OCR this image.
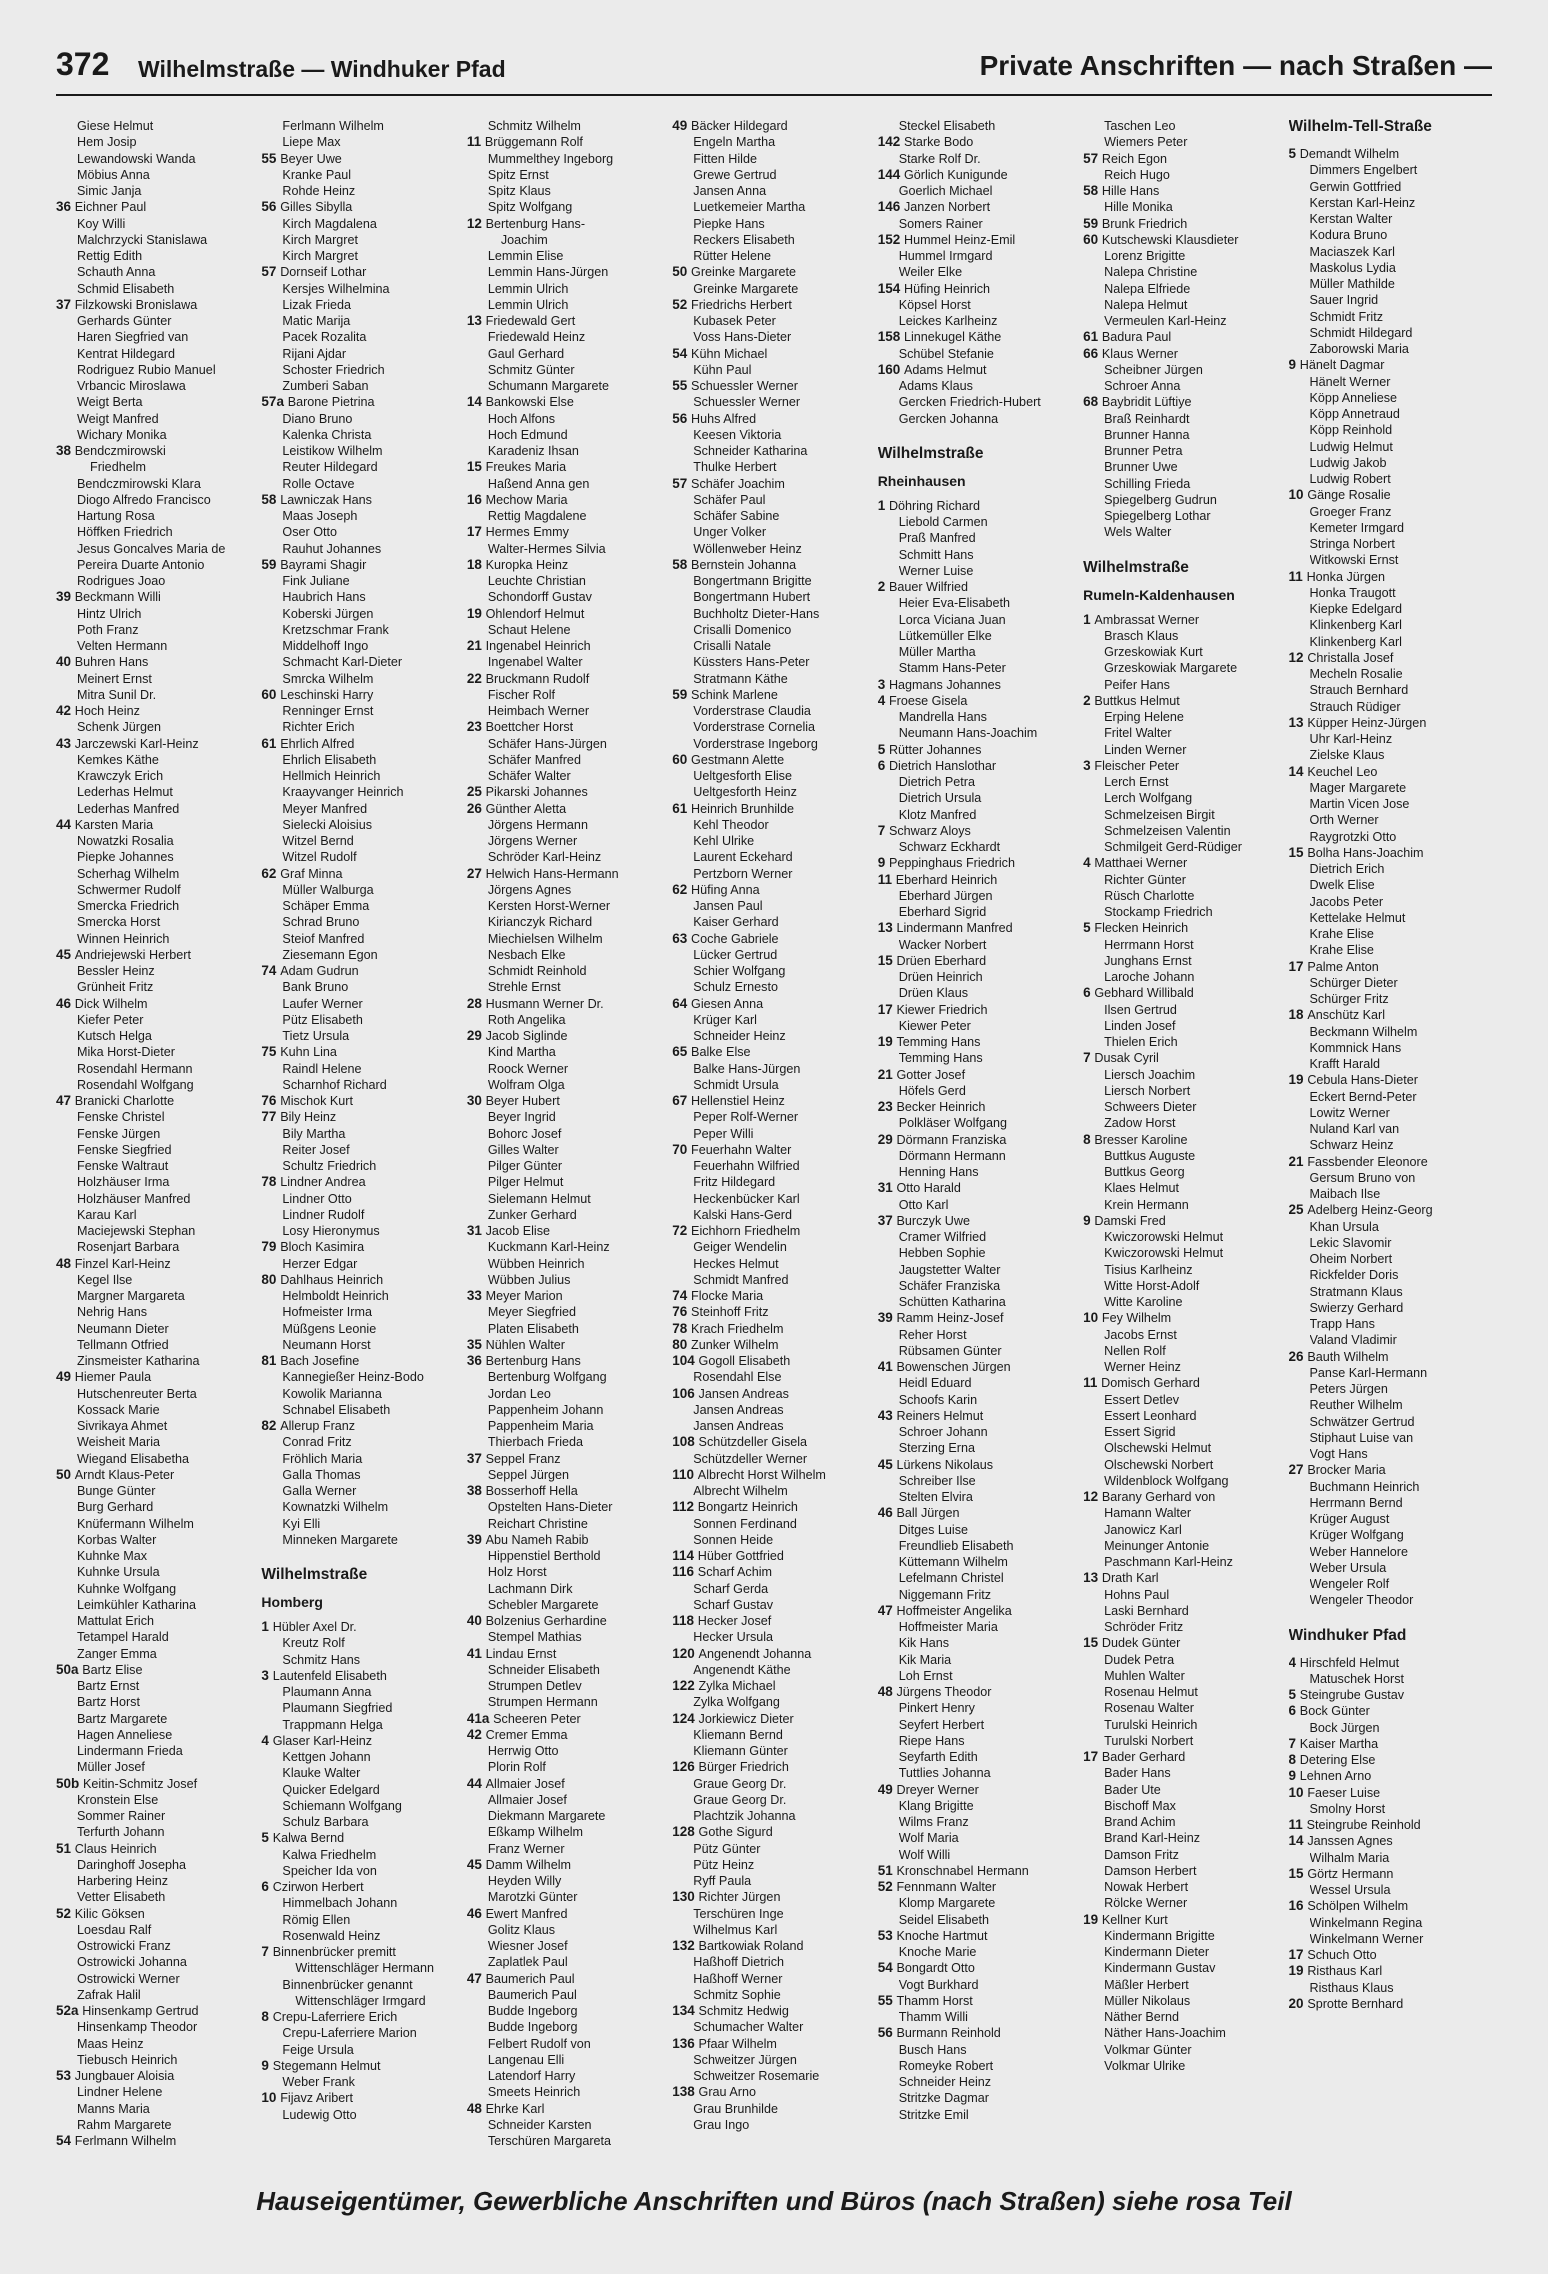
372 Wilhelmstraße — Windhuker Pfad	Private Anschriften — nach Straßen —
Giese Helmut
Hem Josip
Lewandowski Wanda
Möbius Anna
Simic Janja
36 Eichner Paul
Koy Willi
Malchrzycki Stanislawa
Rettig Edith
Schauth Anna
Schmid Elisabeth
37 Filzkowski Bronislawa
Gerhards Günter
Haren Siegfried van
Kentrat Hildegard
Rodriguez Rubio Manuel
Vrbancic Miroslawa
Weigt Berta
Weigt Manfred
Wichary Monika
38 Bendczmirowski
Friedhelm
Bendczmirowski Klara
Diogo Alfredo Francisco
Hartung Rosa
Höffken Friedrich
Jesus Goncalves Maria de
Pereira Duarte Antonio
Rodrigues Joao
39 Beckmann Willi
Hintz Ulrich
Poth Franz
Velten Hermann
40 Buhren Hans
Meinert Ernst
Mitra Sunil Dr.
42 Hoch Heinz
Schenk Jürgen
43 Jarczewski Karl-Heinz
Kemkes Käthe
Krawczyk Erich
Lederhas Helmut
Lederhas Manfred
44 Karsten Maria
Nowatzki Rosalia
Piepke Johannes
Scherhag Wilhelm
Schwermer Rudolf
Smercka Friedrich
Smercka Horst
Winnen Heinrich
45 Andriejewski Herbert
Bessler Heinz
Grünheit Fritz
46 Dick Wilhelm
Kiefer Peter
Kutsch Helga
Mika Horst-Dieter
Rosendahl Hermann
Rosendahl Wolfgang
47 Branicki Charlotte
Fenske Christel
Fenske Jürgen
Fenske Siegfried
Fenske Waltraut
Holzhäuser Irma
Holzhäuser Manfred
Karau Karl
Maciejewski Stephan
Rosenjart Barbara
48 Finzel Karl-Heinz
Kegel Ilse
Margner Margareta
Nehrig Hans
Neumann Dieter
Tellmann Otfried
Zinsmeister Katharina
49 Hiemer Paula
Hutschenreuter Berta
Kossack Marie
Sivrikaya Ahmet
Weisheit Maria
Wiegand Elisabetha
50 Arndt Klaus-Peter
Bunge Günter
Burg Gerhard
Knüfermann Wilhelm
Korbas Walter
Kuhnke Max
Kuhnke Ursula
Kuhnke Wolfgang
Leimkühler Katharina
Mattulat Erich
Tetampel Harald
Zanger Emma
50a Bartz Elise
Bartz Ernst
Bartz Horst
Bartz Margarete
Hagen Anneliese
Lindermann Frieda
Müller Josef
50b Keitin-Schmitz Josef
Kronstein Else
Sommer Rainer
Terfurth Johann
51 Claus Heinrich
Daringhoff Josepha
Harbering Heinz
Vetter Elisabeth
52 Kilic Göksen
Loesdau Ralf
Ostrowicki Franz
Ostrowicki Johanna
Ostrowicki Werner
Zafrak Halil
52a Hinsenkamp Gertrud
Hinsenkamp Theodor
Maas Heinz
Tiebusch Heinrich
53 Jungbauer Aloisia
Lindner Helene
Manns Maria
Rahm Margarete
54 Ferlmann Wilhelm
Ferlmann Wilhelm
Liepe Max
55 Beyer Uwe
Kranke Paul
Rohde Heinz
56 Gilles Sibylla
Kirch Magdalena
Kirch Margret
Kirch Margret
57 Dornseif Lothar
Kersjes Wilhelmina
Lizak Frieda
Matic Marija
Pacek Rozalita
Rijani Ajdar
Schoster Friedrich
Zumberi Saban
57a Barone Pietrina
Diano Bruno
Kalenka Christa
Leistikow Wilhelm
Reuter Hildegard
Rolle Octave
58 Lawniczak Hans
Maas Joseph
Oser Otto
Rauhut Johannes
59 Bayrami Shagir
Fink Juliane
Haubrich Hans
Koberski Jürgen
Kretzschmar Frank
Middelhoff Ingo
Schmacht Karl-Dieter
Smrcka Wilhelm
60 Leschinski Harry
Renninger Ernst
Richter Erich
61 Ehrlich Alfred
Ehrlich Elisabeth
Hellmich Heinrich
Kraayvanger Heinrich
Meyer Manfred
Sielecki Aloisius
Witzel Bernd
Witzel Rudolf
62 Graf Minna
Müller Walburga
Schäper Emma
Schrad Bruno
Steiof Manfred
Ziesemann Egon
74 Adam Gudrun
Bank Bruno
Laufer Werner
Pütz Elisabeth
Tietz Ursula
75 Kuhn Lina
Raindl Helene
Scharnhof Richard
76 Mischok Kurt
77 Bily Heinz
Bily Martha
Reiter Josef
Schultz Friedrich
78 Lindner Andrea
Lindner Otto
Lindner Rudolf
Losy Hieronymus
79 Bloch Kasimira
Herzer Edgar
80 Dahlhaus Heinrich
Helmboldt Heinrich
Hofmeister Irma
Müßgens Leonie
Neumann Horst
81 Bach Josefine
Kannegießer Heinz-Bodo
Kowolik Marianna
Schnabel Elisabeth
82 Allerup Franz
Conrad Fritz
Fröhlich Maria
Galla Thomas
Galla Werner
Kownatzki Wilhelm
Kyi Elli
Minneken Margarete
Wilhelmstraße
Homberg
1 Hübler Axel Dr.
Kreutz Rolf
Schmitz Hans
3 Lautenfeld Elisabeth
Plaumann Anna
Plaumann Siegfried
Trappmann Helga
4 Glaser Karl-Heinz
Kettgen Johann
Klauke Walter
Quicker Edelgard
Schiemann Wolfgang
Schulz Barbara
5 Kalwa Bernd
Kalwa Friedhelm
Speicher Ida von
6 Czirwon Herbert
Himmelbach Johann
Römig Ellen
Rosenwald Heinz
7 Binnenbrücker premitt
Wittenschläger Hermann
Binnenbrücker genannt
Wittenschläger Irmgard
8 Crepu-Laferriere Erich
Crepu-Laferriere Marion
Feige Ursula
9 Stegemann Helmut
Weber Frank
10 Fijavz Aribert
Ludewig Otto
Schmitz Wilhelm
11 Brüggemann Rolf
Mummelthey Ingeborg
Spitz Ernst
Spitz Klaus
Spitz Wolfgang
12 Bertenburg Hans-
Joachim
Lemmin Elise
Lemmin Hans-Jürgen
Lemmin Ulrich
Lemmin Ulrich
13 Friedewald Gert
Friedewald Heinz
Gaul Gerhard
Schmitz Günter
Schumann Margarete
14 Bankowski Else
Hoch Alfons
Hoch Edmund
Karadeniz Ihsan
15 Freukes Maria
Haßend Anna gen
16 Mechow Maria
Rettig Magdalene
17 Hermes Emmy
Walter-Hermes Silvia
18 Kuropka Heinz
Leuchte Christian
Schondorff Gustav
19 Ohlendorf Helmut
Schaut Helene
21 Ingenabel Heinrich
Ingenabel Walter
22 Bruckmann Rudolf
Fischer Rolf
Heimbach Werner
23 Boettcher Horst
Schäfer Hans-Jürgen
Schäfer Manfred
Schäfer Walter
25 Pikarski Johannes
26 Günther Aletta
Jörgens Hermann
Jörgens Werner
Schröder Karl-Heinz
27 Helwich Hans-Hermann
Jörgens Agnes
Kersten Horst-Werner
Kirianczyk Richard
Miechielsen Wilhelm
Nesbach Elke
Schmidt Reinhold
Strehle Ernst
28 Husmann Werner Dr.
Roth Angelika
29 Jacob Siglinde
Kind Martha
Roock Werner
Wolfram Olga
30 Beyer Hubert
Beyer Ingrid
Bohorc Josef
Gilles Walter
Pilger Günter
Pilger Helmut
Sielemann Helmut
Zunker Gerhard
31 Jacob Elise
Kuckmann Karl-Heinz
Wübben Heinrich
Wübben Julius
33 Meyer Marion
Meyer Siegfried
Platen Elisabeth
35 Nühlen Walter
36 Bertenburg Hans
Bertenburg Wolfgang
Jordan Leo
Pappenheim Johann
Pappenheim Maria
Thierbach Frieda
37 Seppel Franz
Seppel Jürgen
38 Bosserhoff Hella
Opstelten Hans-Dieter
Reichart Christine
39 Abu Nameh Rabib
Hippenstiel Berthold
Holz Horst
Lachmann Dirk
Schebler Margarete
40 Bolzenius Gerhardine
Stempel Mathias
41 Lindau Ernst
Schneider Elisabeth
Strumpen Detlev
Strumpen Hermann
41a Scheeren Peter
42 Cremer Emma
Herrwig Otto
Plorin Rolf
44 Allmaier Josef
Allmaier Josef
Diekmann Margarete
Eßkamp Wilhelm
Franz Werner
45 Damm Wilhelm
Heyden Willy
Marotzki Günter
46 Ewert Manfred
Golitz Klaus
Wiesner Josef
Zaplatlek Paul
47 Baumerich Paul
Baumerich Paul
Budde Ingeborg
Budde Ingeborg
Felbert Rudolf von
Langenau Elli
Latendorf Harry
Smeets Heinrich
48 Ehrke Karl
Schneider Karsten
Terschüren Margareta
49 Bäcker Hildegard
Engeln Martha
Fitten Hilde
Grewe Gertrud
Jansen Anna
Luetkemeier Martha
Piepke Hans
Reckers Elisabeth
Rütter Helene
50 Greinke Margarete
Greinke Margarete
52 Friedrichs Herbert
Kubasek Peter
Voss Hans-Dieter
54 Kühn Michael
Kühn Paul
55 Schuessler Werner
Schuessler Werner
56 Huhs Alfred
Keesen Viktoria
Schneider Katharina
Thulke Herbert
57 Schäfer Joachim
Schäfer Paul
Schäfer Sabine
Unger Volker
Wöllenweber Heinz
58 Bernstein Johanna
Bongertmann Brigitte
Bongertmann Hubert
Buchholtz Dieter-Hans
Crisalli Domenico
Crisalli Natale
Küssters Hans-Peter
Stratmann Käthe
59 Schink Marlene
Vorderstrase Claudia
Vorderstrase Cornelia
Vorderstrase Ingeborg
60 Gestmann Alette
Ueltgesforth Elise
Ueltgesforth Heinz
61 Heinrich Brunhilde
Kehl Theodor
Kehl Ulrike
Laurent Eckehard
Pertzborn Werner
62 Hüfing Anna
Jansen Paul
Kaiser Gerhard
63 Coche Gabriele
Lücker Gertrud
Schier Wolfgang
Schulz Ernesto
64 Giesen Anna
Krüger Karl
Schneider Heinz
65 Balke Else
Balke Hans-Jürgen
Schmidt Ursula
67 Hellenstiel Heinz
Peper Rolf-Werner
Peper Willi
70 Feuerhahn Walter
Feuerhahn Wilfried
Fritz Hildegard
Heckenbücker Karl
Kalski Hans-Gerd
72 Eichhorn Friedhelm
Geiger Wendelin
Heckes Helmut
Schmidt Manfred
74 Flocke Maria
76 Steinhoff Fritz
78 Krach Friedhelm
80 Zunker Wilhelm
104 Gogoll Elisabeth
Rosendahl Else
106 Jansen Andreas
Jansen Andreas
Jansen Andreas
108 Schützdeller Gisela
Schützdeller Werner
110 Albrecht Horst Wilhelm
Albrecht Wilhelm
112 Bongartz Heinrich
Sonnen Ferdinand
Sonnen Heide
114 Hüber Gottfried
116 Scharf Achim
Scharf Gerda
Scharf Gustav
118 Hecker Josef
Hecker Ursula
120 Angenendt Johanna
Angenendt Käthe
122 Zylka Michael
Zylka Wolfgang
124 Jorkiewicz Dieter
Kliemann Bernd
Kliemann Günter
126 Bürger Friedrich
Graue Georg Dr.
Graue Georg Dr.
Plachtzik Johanna
128 Gothe Sigurd
Pütz Günter
Pütz Heinz
Ryff Paula
130 Richter Jürgen
Terschüren Inge
Wilhelmus Karl
132 Bartkowiak Roland
Haßhoff Dietrich
Haßhoff Werner
Schmitz Sophie
134 Schmitz Hedwig
Schumacher Walter
136 Pfaar Wilhelm
Schweitzer Jürgen
Schweitzer Rosemarie
138 Grau Arno
Grau Brunhilde
Grau Ingo
Steckel Elisabeth
142 Starke Bodo
Starke Rolf Dr.
144 Görlich Kunigunde
Goerlich Michael
146 Janzen Norbert
Somers Rainer
152 Hummel Heinz-Emil
Hummel Irmgard
Weiler Elke
154 Hüfing Heinrich
Köpsel Horst
Leickes Karlheinz
158 Linnekugel Käthe
Schübel Stefanie
160 Adams Helmut
Adams Klaus
Gercken Friedrich-Hubert
Gercken Johanna
Wilhelmstraße
Rheinhausen
1 Döhring Richard
Liebold Carmen
Praß Manfred
Schmitt Hans
Werner Luise
2 Bauer Wilfried
Heier Eva-Elisabeth
Lorca Viciana Juan
Lütkemüller Elke
Müller Martha
Stamm Hans-Peter
3 Hagmans Johannes
4 Froese Gisela
Mandrella Hans
Neumann Hans-Joachim
5 Rütter Johannes
6 Dietrich Hanslothar
Dietrich Petra
Dietrich Ursula
Klotz Manfred
7 Schwarz Aloys
Schwarz Eckhardt
9 Peppinghaus Friedrich
11 Eberhard Heinrich
Eberhard Jürgen
Eberhard Sigrid
13 Lindermann Manfred
Wacker Norbert
15 Drüen Eberhard
Drüen Heinrich
Drüen Klaus
17 Kiewer Friedrich
Kiewer Peter
19 Temming Hans
Temming Hans
21 Gotter Josef
Höfels Gerd
23 Becker Heinrich
Polkläser Wolfgang
29 Dörmann Franziska
Dörmann Hermann
Henning Hans
31 Otto Harald
Otto Karl
37 Burczyk Uwe
Cramer Wilfried
Hebben Sophie
Jaugstetter Walter
Schäfer Franziska
Schütten Katharina
39 Ramm Heinz-Josef
Reher Horst
Rübsamen Günter
41 Bowenschen Jürgen
Heidl Eduard
Schoofs Karin
43 Reiners Helmut
Schroer Johann
Sterzing Erna
45 Lürkens Nikolaus
Schreiber Ilse
Stelten Elvira
46 Ball Jürgen
Ditges Luise
Freundlieb Elisabeth
Küttemann Wilhelm
Lefelmann Christel
Niggemann Fritz
47 Hoffmeister Angelika
Hoffmeister Maria
Kik Hans
Kik Maria
Loh Ernst
48 Jürgens Theodor
Pinkert Henry
Seyfert Herbert
Riepe Hans
Seyfarth Edith
Tuttlies Johanna
49 Dreyer Werner
Klang Brigitte
Wilms Franz
Wolf Maria
Wolf Willi
51 Kronschnabel Hermann
52 Fennmann Walter
Klomp Margarete
Seidel Elisabeth
53 Knoche Hartmut
Knoche Marie
54 Bongardt Otto
Vogt Burkhard
55 Thamm Horst
Thamm Willi
56 Burmann Reinhold
Busch Hans
Romeyke Robert
Schneider Heinz
Stritzke Dagmar
Stritzke Emil
Taschen Leo
Wiemers Peter
57 Reich Egon
Reich Hugo
58 Hille Hans
Hille Monika
59 Brunk Friedrich
60 Kutschewski Klausdieter
Lorenz Brigitte
Nalepa Christine
Nalepa Elfriede
Nalepa Helmut
Vermeulen Karl-Heinz
61 Badura Paul
66 Klaus Werner
Scheibner Jürgen
Schroer Anna
68 Baybridit Lüftiye
Braß Reinhardt
Brunner Hanna
Brunner Petra
Brunner Uwe
Schilling Frieda
Spiegelberg Gudrun
Spiegelberg Lothar
Wels Walter
Wilhelmstraße
Rumeln-Kaldenhausen
1 Ambrassat Werner
Brasch Klaus
Grzeskowiak Kurt
Grzeskowiak Margarete
Peifer Hans
2 Buttkus Helmut
Erping Helene
Fritel Walter
Linden Werner
3 Fleischer Peter
Lerch Ernst
Lerch Wolfgang
Schmelzeisen Birgit
Schmelzeisen Valentin
Schmilgeit Gerd-Rüdiger
4 Matthaei Werner
Richter Günter
Rüsch Charlotte
Stockamp Friedrich
5 Flecken Heinrich
Herrmann Horst
Junghans Ernst
Laroche Johann
6 Gebhard Willibald
Ilsen Gertrud
Linden Josef
Thielen Erich
7 Dusak Cyril
Liersch Joachim
Liersch Norbert
Schweers Dieter
Zadow Horst
8 Bresser Karoline
Buttkus Auguste
Buttkus Georg
Klaes Helmut
Krein Hermann
9 Damski Fred
Kwiczorowski Helmut
Kwiczorowski Helmut
Tisius Karlheinz
Witte Horst-Adolf
Witte Karoline
10 Fey Wilhelm
Jacobs Ernst
Nellen Rolf
Werner Heinz
11 Domisch Gerhard
Essert Detlev
Essert Leonhard
Essert Sigrid
Olschewski Helmut
Olschewski Norbert
Wildenblock Wolfgang
12 Barany Gerhard von
Hamann Walter
Janowicz Karl
Meinunger Antonie
Paschmann Karl-Heinz
13 Drath Karl
Hohns Paul
Laski Bernhard
Schröder Fritz
15 Dudek Günter
Dudek Petra
Muhlen Walter
Rosenau Helmut
Rosenau Walter
Turulski Heinrich
Turulski Norbert
17 Bader Gerhard
Bader Hans
Bader Ute
Bischoff Max
Brand Achim
Brand Karl-Heinz
Damson Fritz
Damson Herbert
Nowak Herbert
Rölcke Werner
19 Kellner Kurt
Kindermann Brigitte
Kindermann Dieter
Kindermann Gustav
Mäßler Herbert
Müller Nikolaus
Näther Bernd
Näther Hans-Joachim
Volkmar Günter
Volkmar Ulrike
Wilhelm-Tell-Straße
5 Demandt Wilhelm
Dimmers Engelbert
Gerwin Gottfried
Kerstan Karl-Heinz
Kerstan Walter
Kodura Bruno
Maciaszek Karl
Maskolus Lydia
Müller Mathilde
Sauer Ingrid
Schmidt Fritz
Schmidt Hildegard
Zaborowski Maria
9 Hänelt Dagmar
Hänelt Werner
Köpp Anneliese
Köpp Annetraud
Köpp Reinhold
Ludwig Helmut
Ludwig Jakob
Ludwig Robert
10 Gänge Rosalie
Groeger Franz
Kemeter Irmgard
Stringa Norbert
Witkowski Ernst
11 Honka Jürgen
Honka Traugott
Kiepke Edelgard
Klinkenberg Karl
Klinkenberg Karl
12 Christalla Josef
Mecheln Rosalie
Strauch Bernhard
Strauch Rüdiger
13 Küpper Heinz-Jürgen
Uhr Karl-Heinz
Zielske Klaus
14 Keuchel Leo
Mager Margarete
Martin Vicen Jose
Orth Werner
Raygrotzki Otto
15 Bolha Hans-Joachim
Dietrich Erich
Dwelk Elise
Jacobs Peter
Kettelake Helmut
Krahe Elise
Krahe Elise
17 Palme Anton
Schürger Dieter
Schürger Fritz
18 Anschütz Karl
Beckmann Wilhelm
Kommnick Hans
Krafft Harald
19 Cebula Hans-Dieter
Eckert Bernd-Peter
Lowitz Werner
Nuland Karl van
Schwarz Heinz
21 Fassbender Eleonore
Gersum Bruno von
Maibach Ilse
25 Adelberg Heinz-Georg
Khan Ursula
Lekic Slavomir
Oheim Norbert
Rickfelder Doris
Stratmann Klaus
Swierzy Gerhard
Trapp Hans
Valand Vladimir
26 Bauth Wilhelm
Panse Karl-Hermann
Peters Jürgen
Reuther Wilhelm
Schwätzer Gertrud
Stiphaut Luise van
Vogt Hans
27 Brocker Maria
Buchmann Heinrich
Herrmann Bernd
Krüger August
Krüger Wolfgang
Weber Hannelore
Weber Ursula
Wengeler Rolf
Wengeler Theodor
Windhuker Pfad
4 Hirschfeld Helmut
Matuschek Horst
5 Steingrube Gustav
6 Bock Günter
Bock Jürgen
7 Kaiser Martha
8 Detering Else
9 Lehnen Arno
10 Faeser Luise
Smolny Horst
11 Steingrube Reinhold
14 Janssen Agnes
Wilhalm Maria
15 Görtz Hermann
Wessel Ursula
16 Schölpen Wilhelm
Winkelmann Regina
Winkelmann Werner
17 Schuch Otto
19 Risthaus Karl
Risthaus Klaus
20 Sprotte Bernhard
Hauseigentümer, Gewerbliche Anschriften und Büros (nach Straßen) siehe rosa Teil
